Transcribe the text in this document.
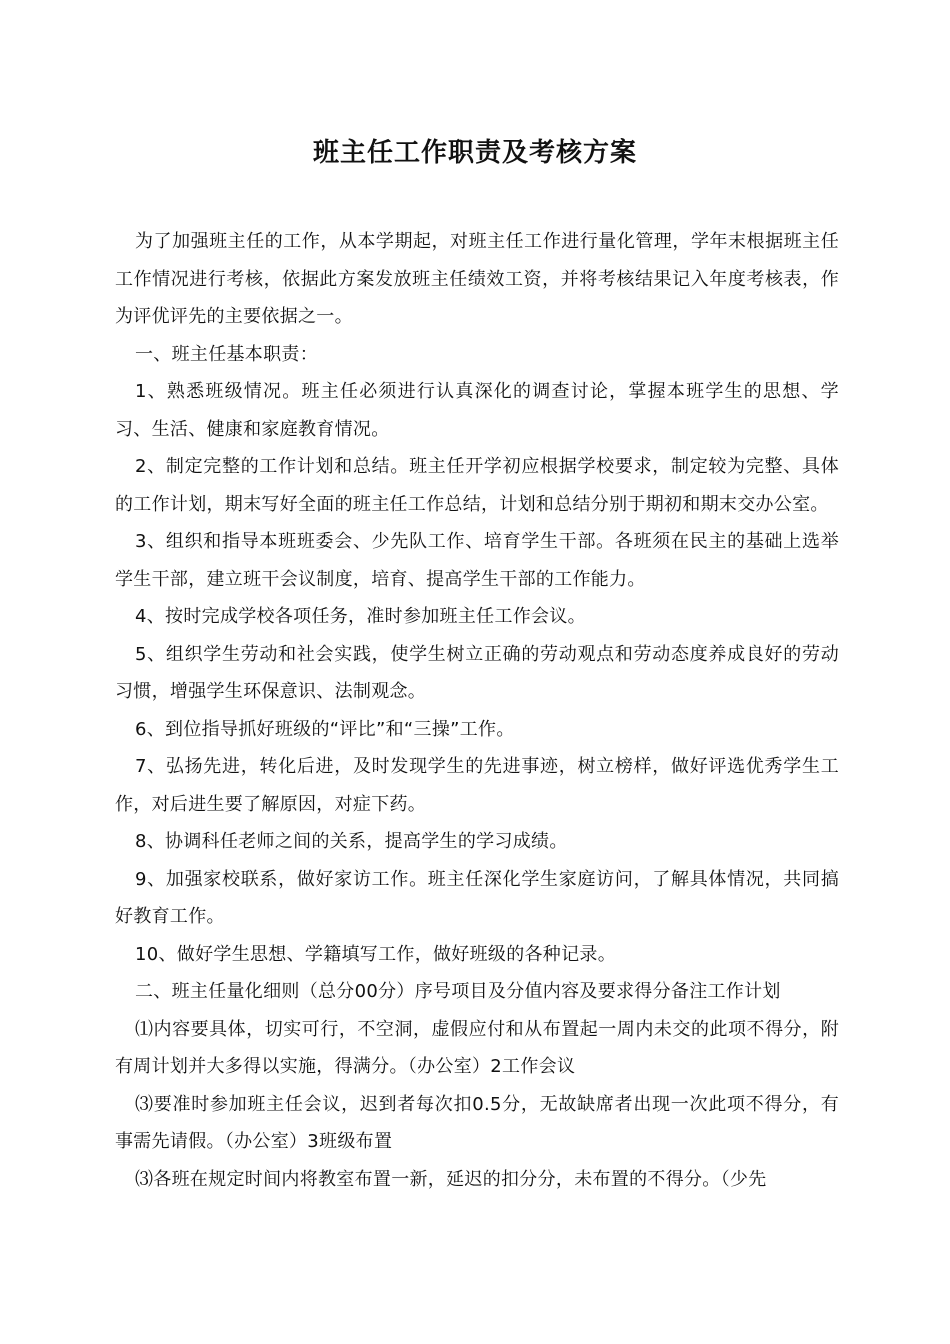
班主任工作职责及考核方案

为了加强班主任的工作，从本学期起，对班主任工作进行量化管理，学年末根据班主任工作情况进行考核，依据此方案发放班主任绩效工资，并将考核结果记入年度考核表，作为评优评先的主要依据之一。

一、班主任基本职责：

1、熟悉班级情况。班主任必须进行认真深化的调查讨论，掌握本班学生的思想、学习、生活、健康和家庭教育情况。

2、制定完整的工作计划和总结。班主任开学初应根据学校要求，制定较为完整、具体的工作计划，期末写好全面的班主任工作总结，计划和总结分别于期初和期末交办公室。

3、组织和指导本班班委会、少先队工作、培育学生干部。各班须在民主的基础上选举学生干部，建立班干会议制度，培育、提高学生干部的工作能力。

4、按时完成学校各项任务，准时参加班主任工作会议。

5、组织学生劳动和社会实践，使学生树立正确的劳动观点和劳动态度养成良好的劳动习惯，增强学生环保意识、法制观念。

6、到位指导抓好班级的“评比”和“三操”工作。

7、弘扬先进，转化后进，及时发现学生的先进事迹，树立榜样，做好评选优秀学生工作，对后进生要了解原因，对症下药。

8、协调科任老师之间的关系，提高学生的学习成绩。

9、加强家校联系，做好家访工作。班主任深化学生家庭访问，了解具体情况，共同搞好教育工作。

10、做好学生思想、学籍填写工作，做好班级的各种记录。

二、班主任量化细则（总分00分）序号项目及分值内容及要求得分备注工作计划

⑴内容要具体，切实可行，不空洞，虚假应付和从布置起一周内未交的此项不得分，附有周计划并大多得以实施，得满分。（办公室）2工作会议

⑶要准时参加班主任会议，迟到者每次扣0.5分，无故缺席者出现一次此项不得分，有事需先请假。（办公室）3班级布置

⑶各班在规定时间内将教室布置一新，延迟的扣分分，未布置的不得分。（少先
